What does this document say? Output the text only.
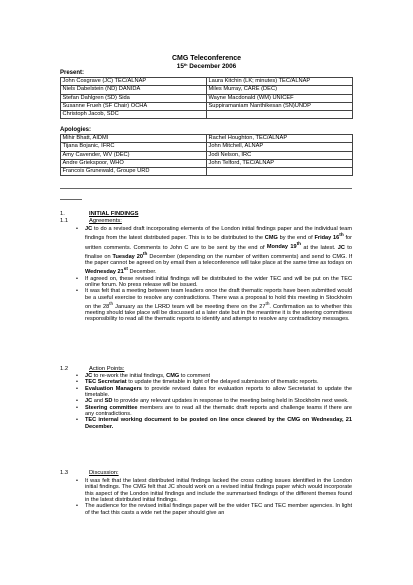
CMG Teleconference
15th December 2006
Present:
John Cosgrave (JC) TEC/ALNAP	Laura Kitchin (LK; minutes) TEC/ALNAP
Niels Dabelstein (ND) DANIDA	Miles Murray, CARE (DEC)
Stefan Dahlgren (SD) Sida	Wayne Macdonald (WM) UNICEF
Susanne Frueh (SF Chair) OCHA	Suppiramaniam Nanthikesan (SN)UNDP
Christoph Jacob, SDC	
Apologies:
Mihir Bhatt, AIDMI	Rachel Houghton, TEC/ALNAP
Tijana Bojanic, IFRC	John Mitchell, ALNAP
Amy Cavender, WV (DEC)	Jodi Nelson, IRC
Andre Griekspoor, WHO	John Telford, TEC/ALNAP
Francois Grunewald, Groupe URD	
1.	INITIAL FINDINGS
1.1	Agreements:
• JC to do a revised draft incorporating elements of the London initial findings paper and the individual team findings from the latest distributed paper. This is to be distributed to the CMG by the end of Friday 16th for written comments. Comments to John C are to be sent by the end of Monday 19th at the latest. JC to finalise on Tuesday 20th December (depending on the number of written comments) and send to CMG. If the paper cannot be agreed on by email then a teleconference will take place at the same time as todays on Wednesday 21st December.
• If agreed on, these revised initial findings will be distributed to the wider TEC and will be put on the TEC online forum. No press release will be issued.
• It was felt that a meeting between team leaders once the draft thematic reports have been submitted would be a useful exercise to resolve any contradictions. There was a proposal to hold this meeting in Stockholm on the 28th January as the LRRD team will be meeting there on the 27th. Confirmation as to whether this meeting should take place will be discussed at a later date but in the meantime it is the steering committees responsibility to read all the thematic reports to identify and attempt to resolve any contradictory messages.
1.2	Action Points:
• JC to re-work the initial findings, CMG to comment
• TEC Secretariat to update the timetable in light of the delayed submission of thematic reports.
• Evaluation Managers to provide revised dates for evaluation reports to allow Secretariat to update the timetable.
• JC and SD to provide any relevant updates in response to the meeting being held in Stockholm next week.
• Steering committee members are to read all the thematic draft reports and challenge teams if there are any contradictions.
• TEC internal working document to be posted on line once cleared by the CMG on Wednesday, 21 December.
1.3	Discussion:
• It was felt that the latest distributed initial findings lacked the cross cutting issues identified in the London initial findings. The CMG felt that JC should work on a revised initial findings paper which would incorporate this aspect of the London initial findings and include the summarised findings of the different themes found in the latest distributed initial findings.
• The audience for the revised initial findings paper will be the wider TEC and TEC member agencies. In light of the fact this casts a wide net the paper should give an
